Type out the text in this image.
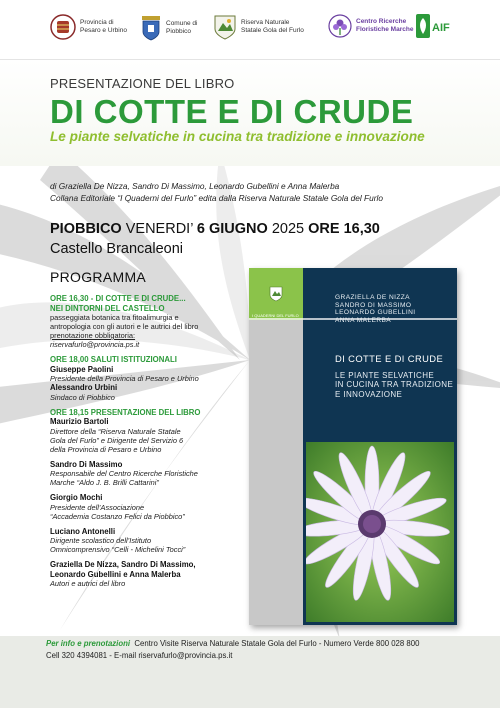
Provincia di
Pesaro e Urbino
Comune di
Piobbico
Riserva Naturale
Statale Gola del Furlo
Centro Ricerche
Floristiche Marche AIF
PRESENTAZIONE DEL LIBRO
DI COTTE E DI CRUDE
Le piante selvatiche in cucina tra tradizione e innovazione
di Graziella De Nizza, Sandro Di Massimo, Leonardo Gubellini e Anna Malerba
Collana Editoriale “I Quaderni del Furlo” edita dalla Riserva Naturale Statale Gola del Furlo
PIOBBICO VENERDI’ 6 GIUGNO 2025 ORE 16,30
Castello Brancaleoni
PROGRAMMA
ORE 16,30 - DI COTTE E DI CRUDE...
NEI DINTORNI DEL CASTELLO
passeggiata botanica tra fitoalimurgia e
antropologia con gli autori e le autrici del libro
prenotazione obbligatoria:
riservafurlo@provincia.ps.it
ORE 18,00 SALUTI ISTITUZIONALI
Giuseppe Paolini
Presidente della Provincia di Pesaro e Urbino
Alessandro Urbini
Sindaco di Piobbico
ORE 18,15 PRESENTAZIONE DEL LIBRO
Maurizio Bartoli
Direttore della “Riserva Naturale Statale
Gola del Furlo” e Dirigente del Servizio 6
della Provincia di Pesaro e Urbino
Sandro Di Massimo
Responsabile del Centro Ricerche Floristiche
Marche “Aldo J. B. Brilli Cattarini”
Giorgio Mochi
Presidente dell’Associazione
“Accademia Costanzo Felici da Piobbico”
Luciano Antonelli
Dirigente scolastico dell’Istituto
Omnicomprensivo “Celli - Michelini Tocci”
Graziella De Nizza, Sandro Di Massimo,
Leonardo Gubellini e Anna Malerba
Autori e autrici del libro
I QUADERNI DEL FURLO
GRAZIELLA DE NIZZA
SANDRO DI MASSIMO
LEONARDO GUBELLINI
ANNA MALERBA
DI COTTE E DI CRUDE
LE PIANTE SELVATICHE
IN CUCINA TRA TRADIZIONE
E INNOVAZIONE
Per info e prenotazioni  Centro Visite Riserva Naturale Statale Gola del Furlo - Numero Verde 800 028 800
Cell 320 4394081 - E-mail riservafurlo@provincia.ps.it
